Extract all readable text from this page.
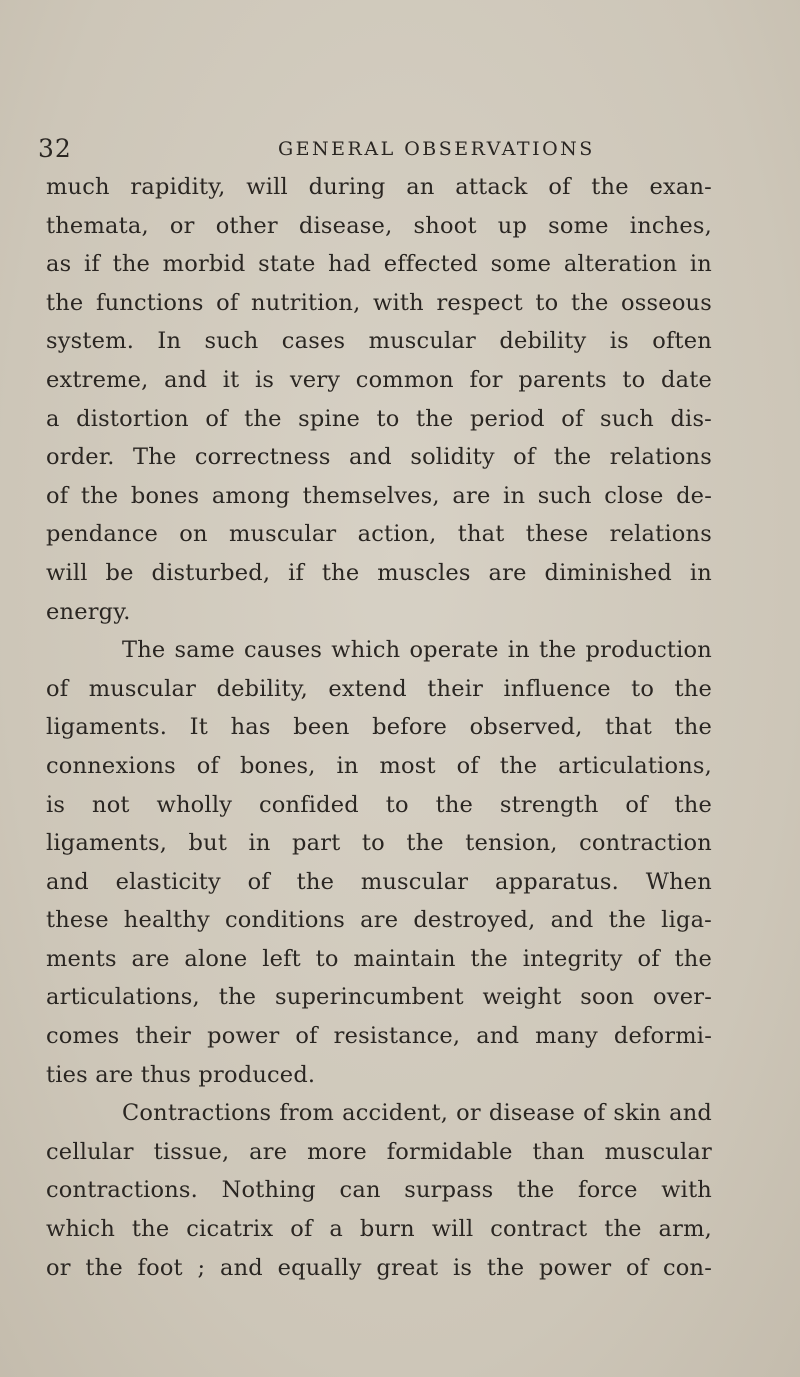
32	GENERAL OBSERVATIONS
much rapidity, will during an attack of the exan-
themata, or other disease, shoot up some inches,
as if the morbid state had effected some alteration in
the functions of nutrition, with respect to the osseous
system. In such cases muscular debility is often
extreme, and it is very common for parents to date
a distortion of the spine to the period of such dis-
order. The correctness and solidity of the relations
of the bones among themselves, are in such close de-
pendance on muscular action, that these relations
will be disturbed, if the muscles are diminished in
energy.
The same causes which operate in the production
of muscular debility, extend their influence to the
ligaments. It has been before observed, that the
connexions of bones, in most of the articulations,
is not wholly confided to the strength of the
ligaments, but in part to the tension, contraction
and elasticity of the muscular apparatus. When
these healthy conditions are destroyed, and the liga-
ments are alone left to maintain the integrity of the
articulations, the superincumbent weight soon over-
comes their power of resistance, and many deformi-
ties are thus produced.
Contractions from accident, or disease of skin and
cellular tissue, are more formidable than muscular
contractions. Nothing can surpass the force with
which the cicatrix of a burn will contract the arm,
or the foot ; and equally great is the power of con-
